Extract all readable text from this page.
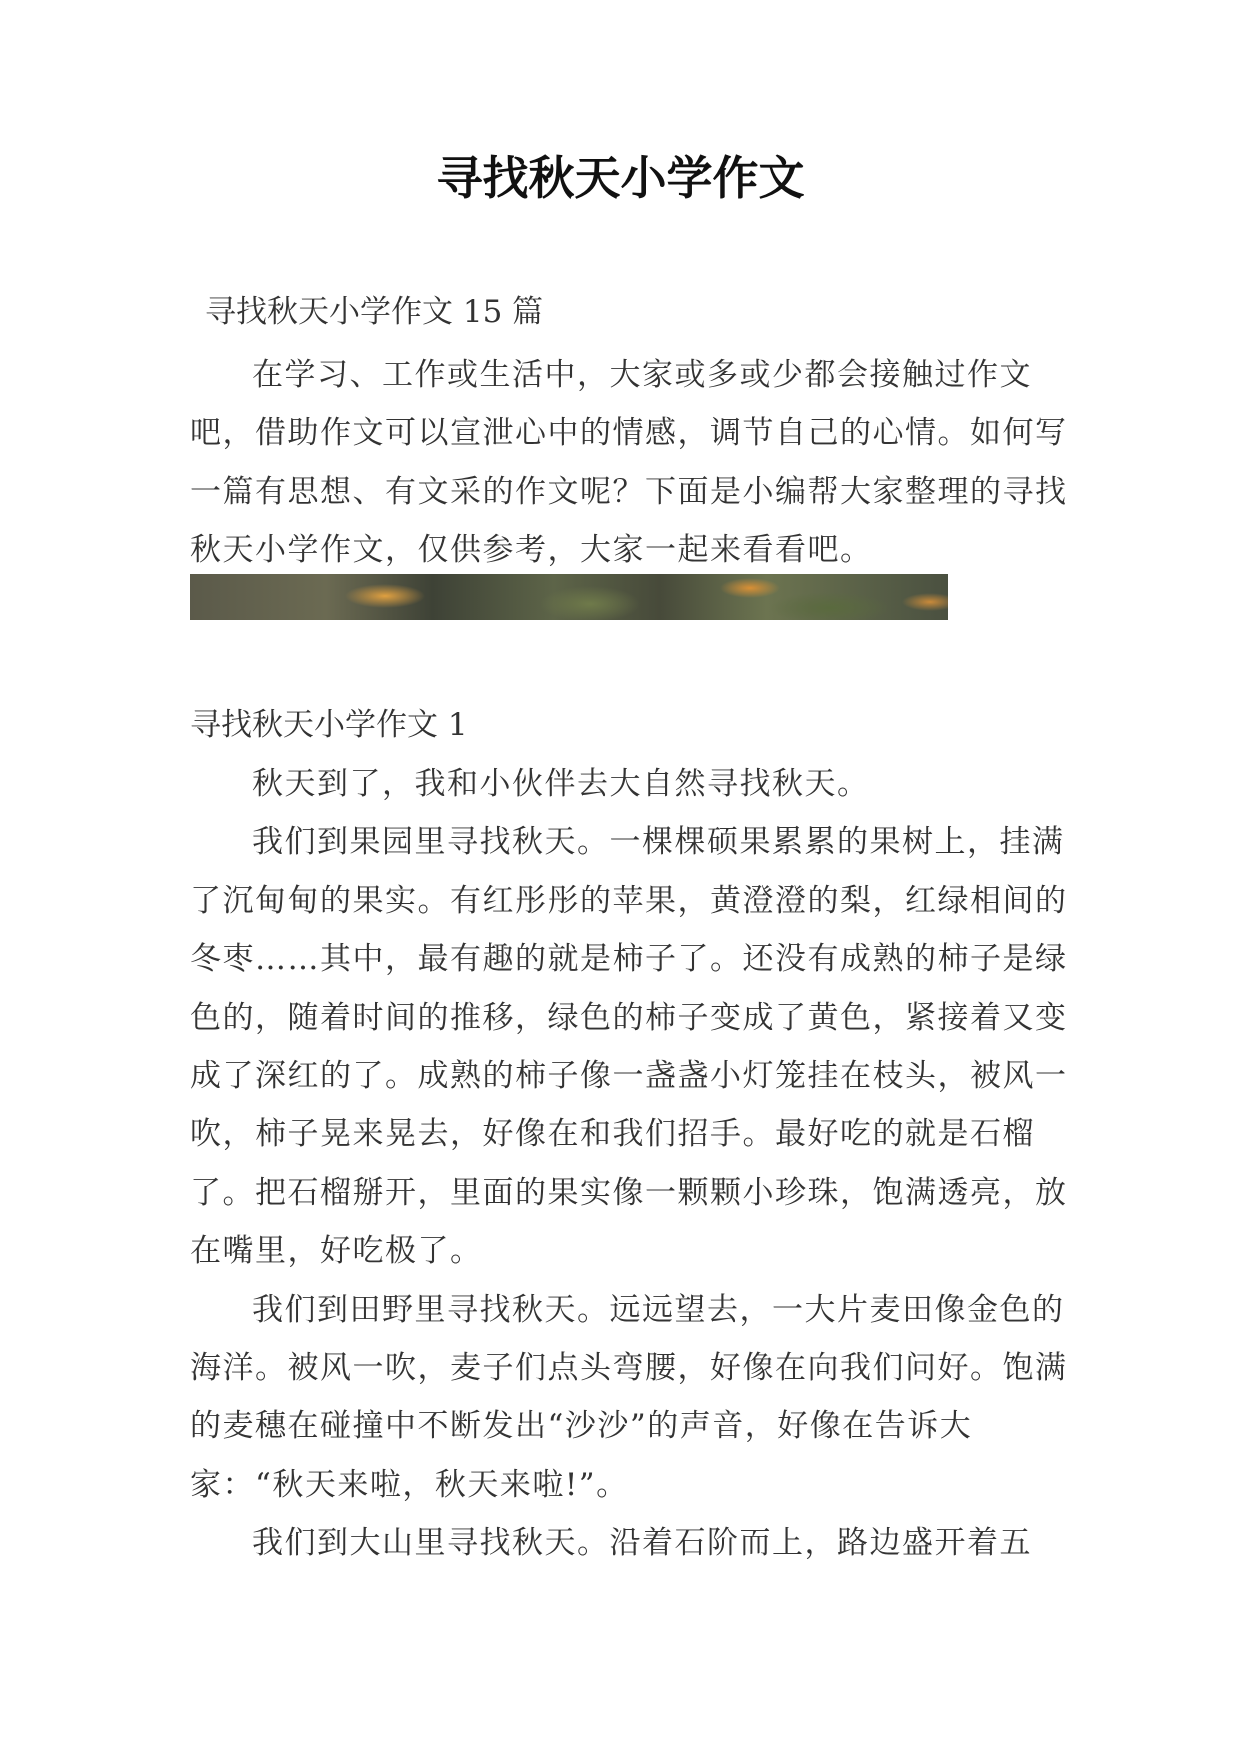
寻找秋天小学作文
寻找秋天小学作文 15 篇

在学习、工作或生活中，大家或多或少都会接触过作文吧，借助作文可以宣泄心中的情感，调节自己的心情。如何写一篇有思想、有文采的作文呢？下面是小编帮大家整理的寻找秋天小学作文，仅供参考，大家一起来看看吧。

寻找秋天小学作文 1

秋天到了，我和小伙伴去大自然寻找秋天。

我们到果园里寻找秋天。一棵棵硕果累累的果树上，挂满了沉甸甸的果实。有红彤彤的苹果，黄澄澄的梨，红绿相间的冬枣……其中，最有趣的就是柿子了。还没有成熟的柿子是绿色的，随着时间的推移，绿色的柿子变成了黄色，紧接着又变成了深红的了。成熟的柿子像一盏盏小灯笼挂在枝头，被风一吹，柿子晃来晃去，好像在和我们招手。最好吃的就是石榴了。把石榴掰开，里面的果实像一颗颗小珍珠，饱满透亮，放在嘴里，好吃极了。

我们到田野里寻找秋天。远远望去，一大片麦田像金色的海洋。被风一吹，麦子们点头弯腰，好像在向我们问好。饱满的麦穗在碰撞中不断发出“沙沙”的声音，好像在告诉大家：“秋天来啦，秋天来啦!”。

我们到大山里寻找秋天。沿着石阶而上，路边盛开着五
